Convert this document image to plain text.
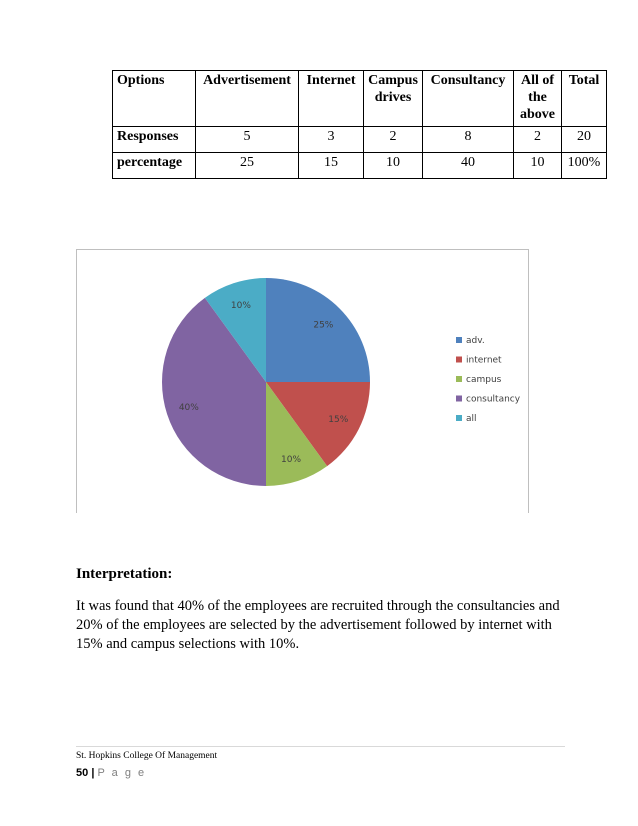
Options	Advertisement	Internet	Campus drives	Consultancy	All of the above	Total
Responses	5	3	2	8	2	20
percentage	25	15	10	40	10	100%
25%
15%
10%
40%
10%
adv.
internet
campus
consultancy
all
Interpretation:
It was found that 40% of the employees are recruited through the consultancies and 20% of the employees are selected by the advertisement followed by internet with 15% and campus selections with 10%.
St. Hopkins College Of Management
50 | P a g e
